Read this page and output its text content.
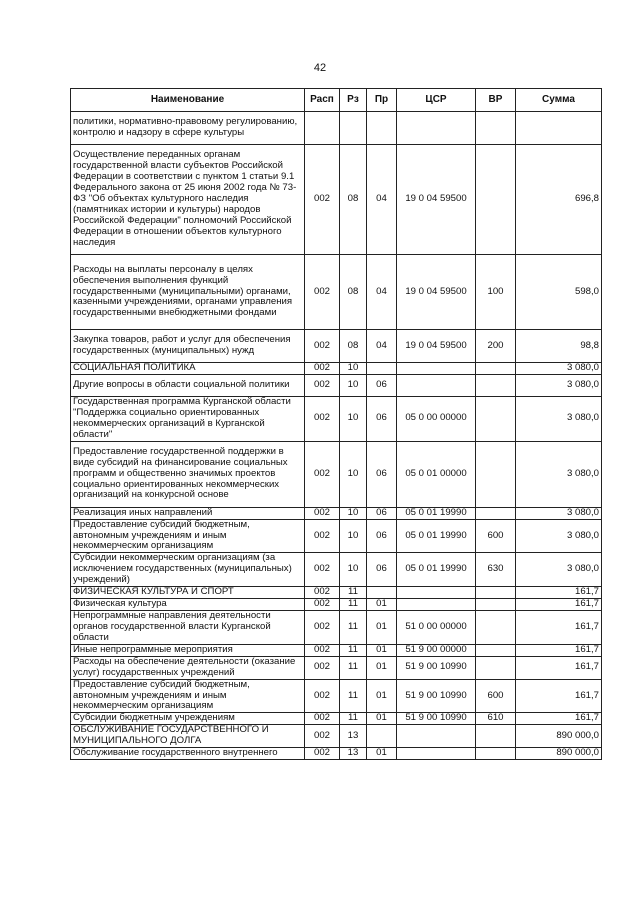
42
Наименование	Расп	Рз	Пр	ЦСР	ВР	Сумма
политики, нормативно-правовому регулированию, контролю и надзору в сфере культуры						
Осуществление переданных органам государственной власти субъектов Российской Федерации в соответствии с пунктом 1 статьи 9.1 Федерального закона от 25 июня 2002 года № 73-ФЗ "Об объектах культурного наследия (памятниках истории и культуры) народов Российской Федерации" полномочий Российской Федерации в отношении объектов культурного наследия	002	08	04	19 0 04 59500		696,8
Расходы на выплаты персоналу в целях обеспечения выполнения функций государственными (муниципальными) органами, казенными учреждениями, органами управления государственными внебюджетными фондами	002	08	04	19 0 04 59500	100	598,0
Закупка товаров, работ и услуг для обеспечения государственных (муниципальных) нужд	002	08	04	19 0 04 59500	200	98,8
СОЦИАЛЬНАЯ ПОЛИТИКА	002	10				3 080,0
Другие вопросы в области социальной политики	002	10	06			3 080,0
Государственная программа Курганской области "Поддержка социально ориентированных некоммерческих организаций в Курганской области"	002	10	06	05 0 00 00000		3 080,0
Предоставление государственной поддержки в виде субсидий на финансирование социальных программ и общественно значимых проектов социально ориентированных некоммерческих организаций на конкурсной основе	002	10	06	05 0 01 00000		3 080,0
Реализация иных направлений	002	10	06	05 0 01 19990		3 080,0
Предоставление субсидий бюджетным, автономным учреждениям и иным некоммерческим организациям	002	10	06	05 0 01 19990	600	3 080,0
Субсидии некоммерческим организациям (за исключением государственных (муниципальных) учреждений)	002	10	06	05 0 01 19990	630	3 080,0
ФИЗИЧЕСКАЯ КУЛЬТУРА И СПОРТ	002	11				161,7
Физическая культура	002	11	01			161,7
Непрограммные направления деятельности органов государственной власти Курганской области	002	11	01	51 0 00 00000		161,7
Иные непрограммные мероприятия	002	11	01	51 9 00 00000		161,7
Расходы на обеспечение деятельности (оказание услуг) государственных учреждений	002	11	01	51 9 00 10990		161,7
Предоставление субсидий бюджетным, автономным учреждениям и иным некоммерческим организациям	002	11	01	51 9 00 10990	600	161,7
Субсидии бюджетным учреждениям	002	11	01	51 9 00 10990	610	161,7
ОБСЛУЖИВАНИЕ ГОСУДАРСТВЕННОГО И МУНИЦИПАЛЬНОГО ДОЛГА	002	13				890 000,0
Обслуживание государственного внутреннего	002	13	01			890 000,0
